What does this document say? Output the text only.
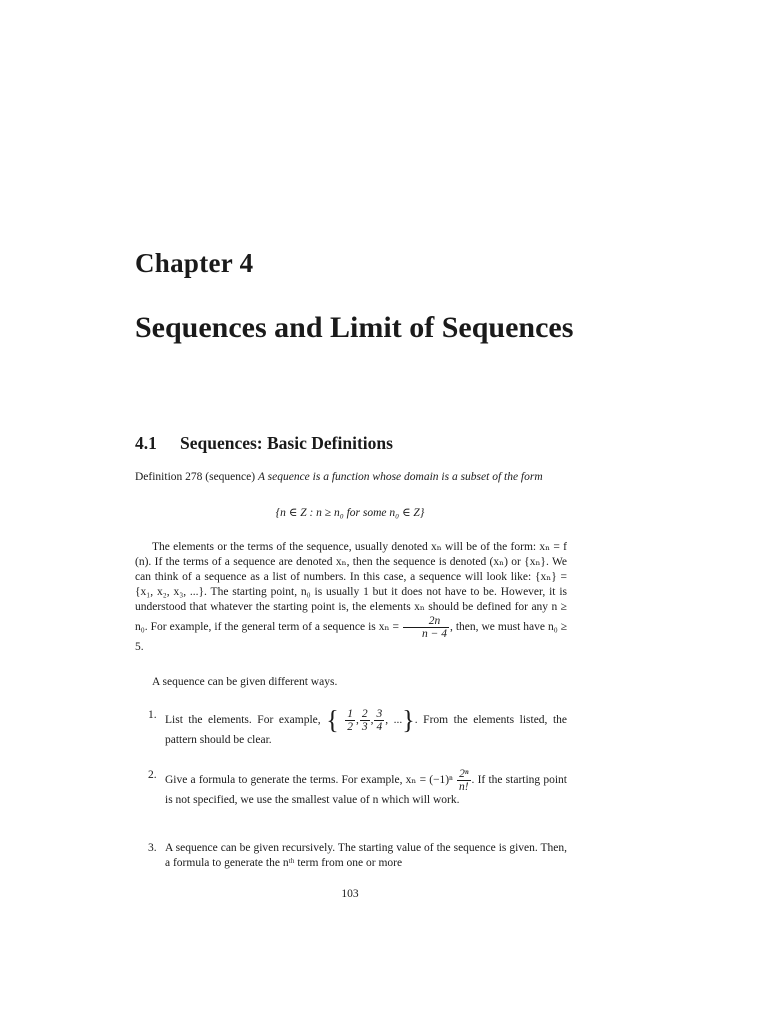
Chapter 4
Sequences and Limit of Sequences
4.1 Sequences: Basic Definitions
Definition 278 (sequence) A sequence is a function whose domain is a subset of the form
{n ∈ Z : n ≥ n₀ for some n₀ ∈ Z}
The elements or the terms of the sequence, usually denoted xₙ will be of the form: xₙ = f (n). If the terms of a sequence are denoted xₙ, then the sequence is denoted (xₙ) or {xₙ}. We can think of a sequence as a list of numbers. In this case, a sequence will look like: {xₙ} = {x₁, x₂, x₃, ...}. The starting point, n₀ is usually 1 but it does not have to be. However, it is understood that whatever the starting point is, the elements xₙ should be defined for any n ≥ n₀. For example, if the general term of a sequence is $x_n = \frac{2n}{n - 4}$ , then, we must have n₀ ≥ 5.
A sequence can be given different ways.
1. List the elements. For example, { $\frac{1}{2}$ , $\frac{2}{3}$ , $\frac{3}{4}$ , ...}. From the elements listed, the pattern should be clear.
2. Give a formula to generate the terms. For example, $x_n = (-1)^n \frac{\text{2ⁿ}}{n!}$ . If the starting point is not specified, we use the smallest value of n which will work.
3. A sequence can be given recursively. The starting value of the sequence is given. Then, a formula to generate the nᵗʰ term from one or more
103
